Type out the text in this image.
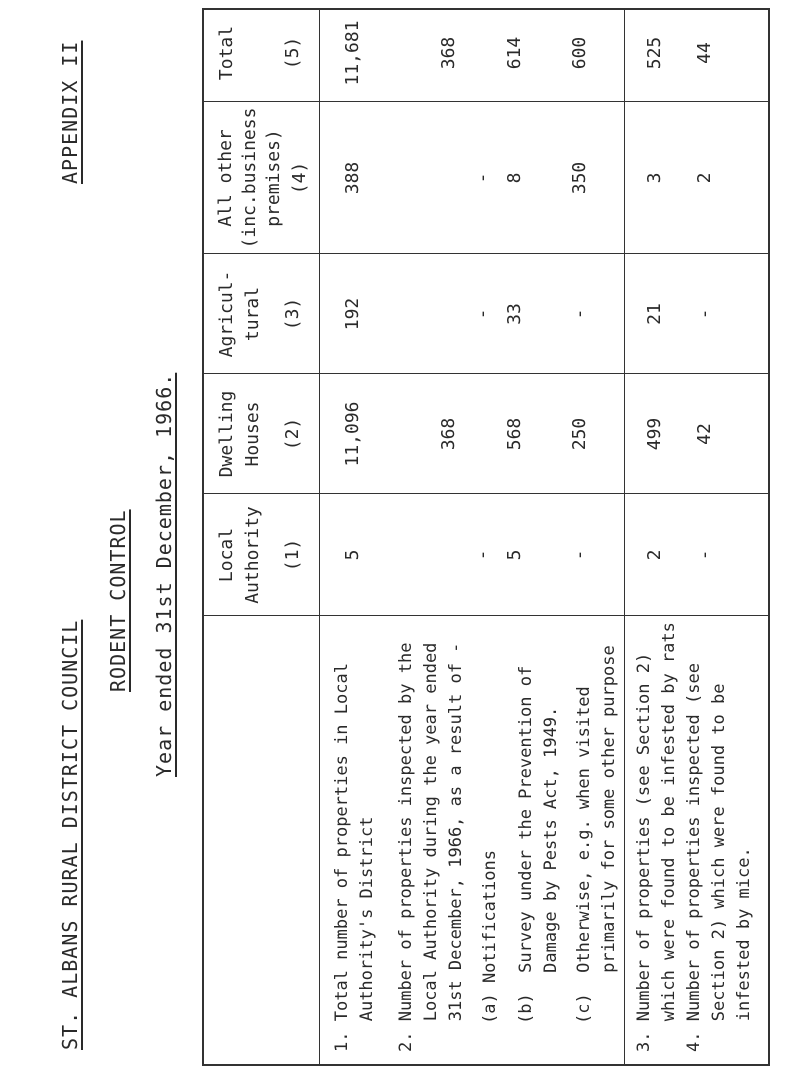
ST. ALBANS RURAL DISTRICT COUNCIL
APPENDIX II
RODENT CONTROL Year ended 31st December, 1966. Local Authority (1)
Dwelling Houses (2)
Agricul- tural (3)
All other (inc.business premises) (4)
Total	(5)
1. Total number of properties in Local Authority's District
5
11,096
192
388
11,681
2. Number of properties inspected by the Local Authority during the year ended 31st December, 1966, as a result of - (a) Notifications
-
368
-
-
368
(b)  Survey under the Prevention of
Damage by Pests Act, 1949.
5
568
33
8
614
(c)  Otherwise, e.g. when visited
primarily for some other purpose
-
250
-
350
600
3. Number of properties (see Section 2) which were found to be infested by rats
2
499
21
3
525
4. Number of properties inspected (see Section 2) which were found to be infested by mice.
-
42
-
2
44
